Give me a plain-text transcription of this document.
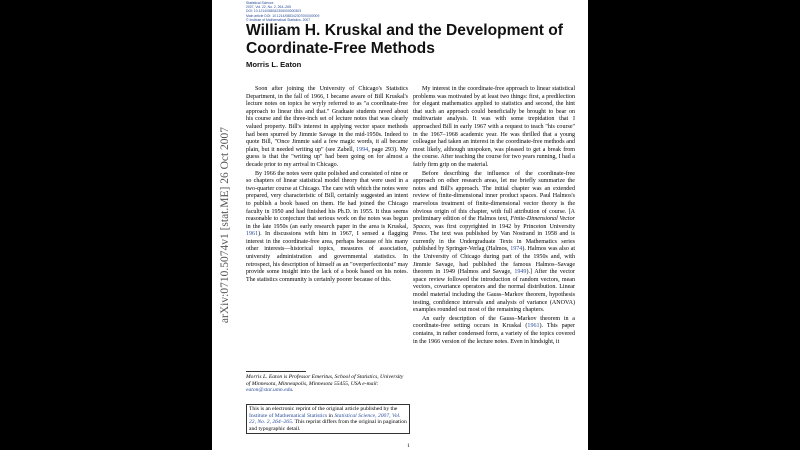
arXiv:0710.5074v1 [stat.ME] 26 Oct 2007
Statistical Science
2007, Vol. 22, No. 2, 264–265
DOI: 10.1214/088342306000000303
Main article DOI: 10.1214/088342307000000009
© Institute of Mathematical Statistics, 2007
William H. Kruskal and the Development of Coordinate-Free Methods
Morris L. Eaton

Soon after joining the University of Chicago's Statistics Department, in the fall of 1966, I became aware of Bill Kruskal's lecture notes on topics he wryly referred to as "a coordinate-free approach to linear this and that." Graduate students raved about his course and the three-inch set of lecture notes that was clearly valued property. Bill's interest in applying vector space methods had been spurred by Jimmie Savage in the mid-1950s. Indeed to quote Bill, "Once Jimmie said a few magic words, it all became plain, but it needed writing up" (see Zabell, 1994, page 293). My guess is that the "writing up" had been going on for almost a decade prior to my arrival in Chicago.

By 1966 the notes were quite polished and consisted of nine or so chapters of linear statistical model theory that were used in a two-quarter course at Chicago. The care with which the notes were prepared, very characteristic of Bill, certainly suggested an intent to publish a book based on them. He had joined the Chicago faculty in 1950 and had finished his Ph.D. in 1955. It thus seems reasonable to conjecture that serious work on the notes was begun in the late 1950s (an early research paper in the area is Kruskal, 1961). In discussions with him in 1967, I sensed a flagging interest in the coordinate-free area, perhaps because of his many other interests—historical topics, measures of association, university administration and governmental statistics. In retrospect, his description of himself as an "overperfectionist" may provide some insight into the lack of a book based on his notes. The statistics community is certainly poorer because of this.

Morris L. Eaton is Professor Emeritus, School of Statistics, University of Minnesota, Minneapolis, Minnesota 55455, USA e-mail: eaton@stat.umn.edu.
This is an electronic reprint of the original article published by the Institute of Mathematical Statistics in Statistical Science, 2007, Vol. 22, No. 2, 264–265. This reprint differs from the original in pagination and typographic detail.

My interest in the coordinate-free approach to linear statistical problems was motivated by at least two things: first, a predilection for elegant mathematics applied to statistics and second, the hint that such an approach could beneficially be brought to bear on multivariate analysis. It was with some trepidation that I approached Bill in early 1967 with a request to teach "his course" in the 1967–1968 academic year. He was thrilled that a young colleague had taken an interest in the coordinate-free methods and most likely, although unspoken, was pleased to get a break from the course. After teaching the course for two years running, I had a fairly firm grip on the material.

Before describing the influence of the coordinate-free approach on other research areas, let me briefly summarize the notes and Bill's approach. The initial chapter was an extended review of finite-dimensional inner product spaces. Paul Halmos's marvelous treatment of finite-dimensional vector theory is the obvious origin of this chapter, with full attribution of course. [A preliminary edition of the Halmos text, Finite-Dimensional Vector Spaces, was first copyrighted in 1942 by Princeton University Press. The text was published by Van Nostrand in 1958 and is currently in the Undergraduate Texts in Mathematics series published by Springer-Verlag (Halmos, 1974). Halmos was also at the University of Chicago during part of the 1950s and, with Jimmie Savage, had published the famous Halmos–Savage theorem in 1949 (Halmos and Savage, 1949).] After the vector space review followed the introduction of random vectors, mean vectors, covariance operators and the normal distribution. Linear model material including the Gauss–Markov theorem, hypothesis testing, confidence intervals and analysis of variance (ANOVA) examples rounded out most of the remaining chapters.

An early description of the Gauss–Markov theorem in a coordinate-free setting occurs in Kruskal (1961). This paper contains, in rather condensed form, a variety of the topics covered in the 1966 version of the lecture notes. Even in hindsight, it

1
